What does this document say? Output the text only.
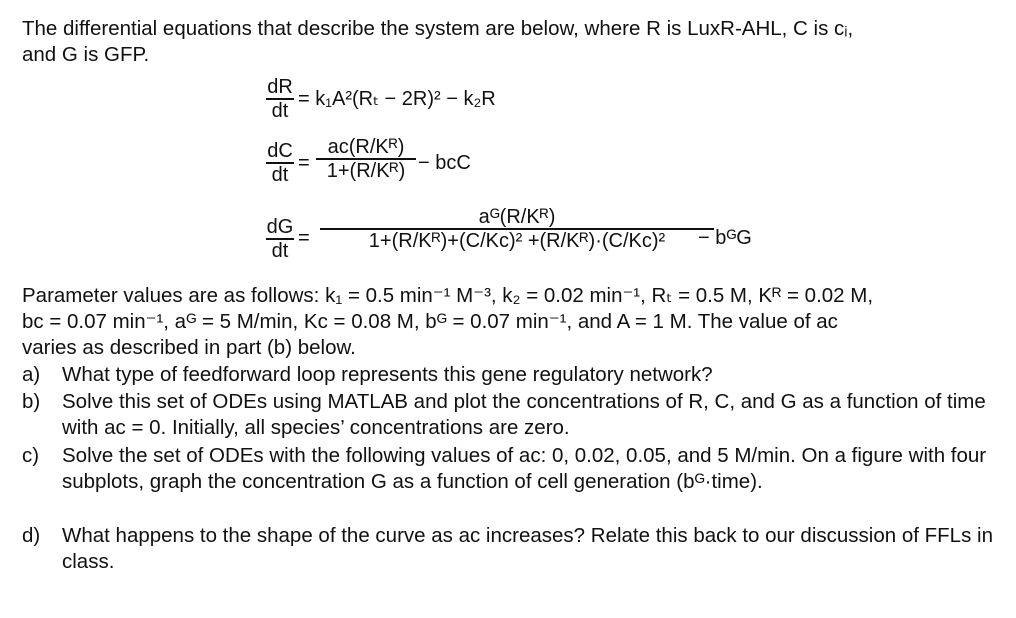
The differential equations that describe the system are below, where R is LuxR-AHL, C is cᵢ,
and G is GFP.
dR
dt
= k₁A²(Rₜ − 2R)² − k₂R
dC
dt
=
aᴄ(R/Kᴿ)
1+(R/Kᴿ) − bᴄC
dG
dt
=
aᴳ(R/Kᴿ)
1+(R/Kᴿ)+(C/Kᴄ)² +(R/Kᴿ)·(C/Kᴄ)² − bᴳG
Parameter values are as follows: k₁ = 0.5 min⁻¹ M⁻³, k₂ = 0.02 min⁻¹, Rₜ = 0.5 M, Kᴿ = 0.02 M,
bᴄ = 0.07 min⁻¹, aᴳ = 5 M/min, Kᴄ = 0.08 M, bᴳ = 0.07 min⁻¹, and A = 1 M. The value of aᴄ
varies as described in part (b) below.
a) What type of feedforward loop represents this gene regulatory network?
b) Solve this set of ODEs using MATLAB and plot the concentrations of R, C, and G as a function of time with aᴄ = 0. Initially, all species’ concentrations are zero.
c) Solve the set of ODEs with the following values of aᴄ: 0, 0.02, 0.05, and 5 M/min. On a figure with four subplots, graph the concentration G as a function of cell generation (bᴳ·time).
d) What happens to the shape of the curve as aᴄ increases? Relate this back to our discussion of FFLs in class.
